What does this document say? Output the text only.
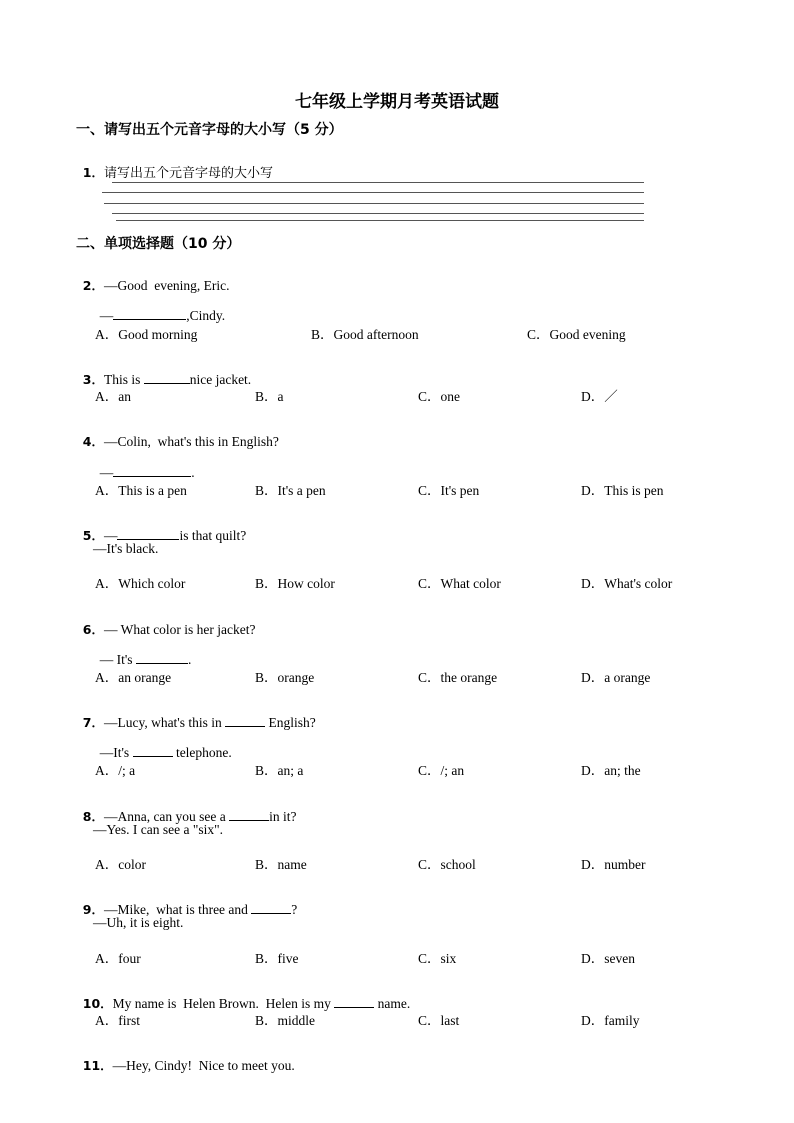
七年级上学期月考英语试题
一、请写出五个元音字母的大小写（5 分）

1．请写出五个元音字母的大小写

二、单项选择题（10 分）

2．—Good  evening, Eric.

—	,Cindy.

A．Good morning	B．Good afternoon	C．Good evening

3．This is	nice jacket.

A．an	B．a	C．one	D．／

4．—Colin,  what's this in English?

—	.

A．This is a pen	B．It's a pen	C．It's pen	D．This is pen

5．—	is that quilt?

—It's black.
A．Which color	B．How color	C．What color	D．What's color

6．— What color is her jacket?

— It's	.

A．an orange	B．orange	C．the orange	D．a orange

7．—Lucy, what's this in	English?

—It's	telephone.

A．/; a	B．an; a	C．/; an	D．an; the

8．—Anna, can you see a	in it?

—Yes. I can see a "six".
A．color	B．name	C．school	D．number

9．—Mike,  what is three and	?

—Uh, it is eight.
A．four	B．five	C．six	D．seven

10．My name is  Helen Brown.  Helen is my	name.

A．first	B．middle	C．last	D．family

11．—Hey, Cindy!  Nice to meet you.
